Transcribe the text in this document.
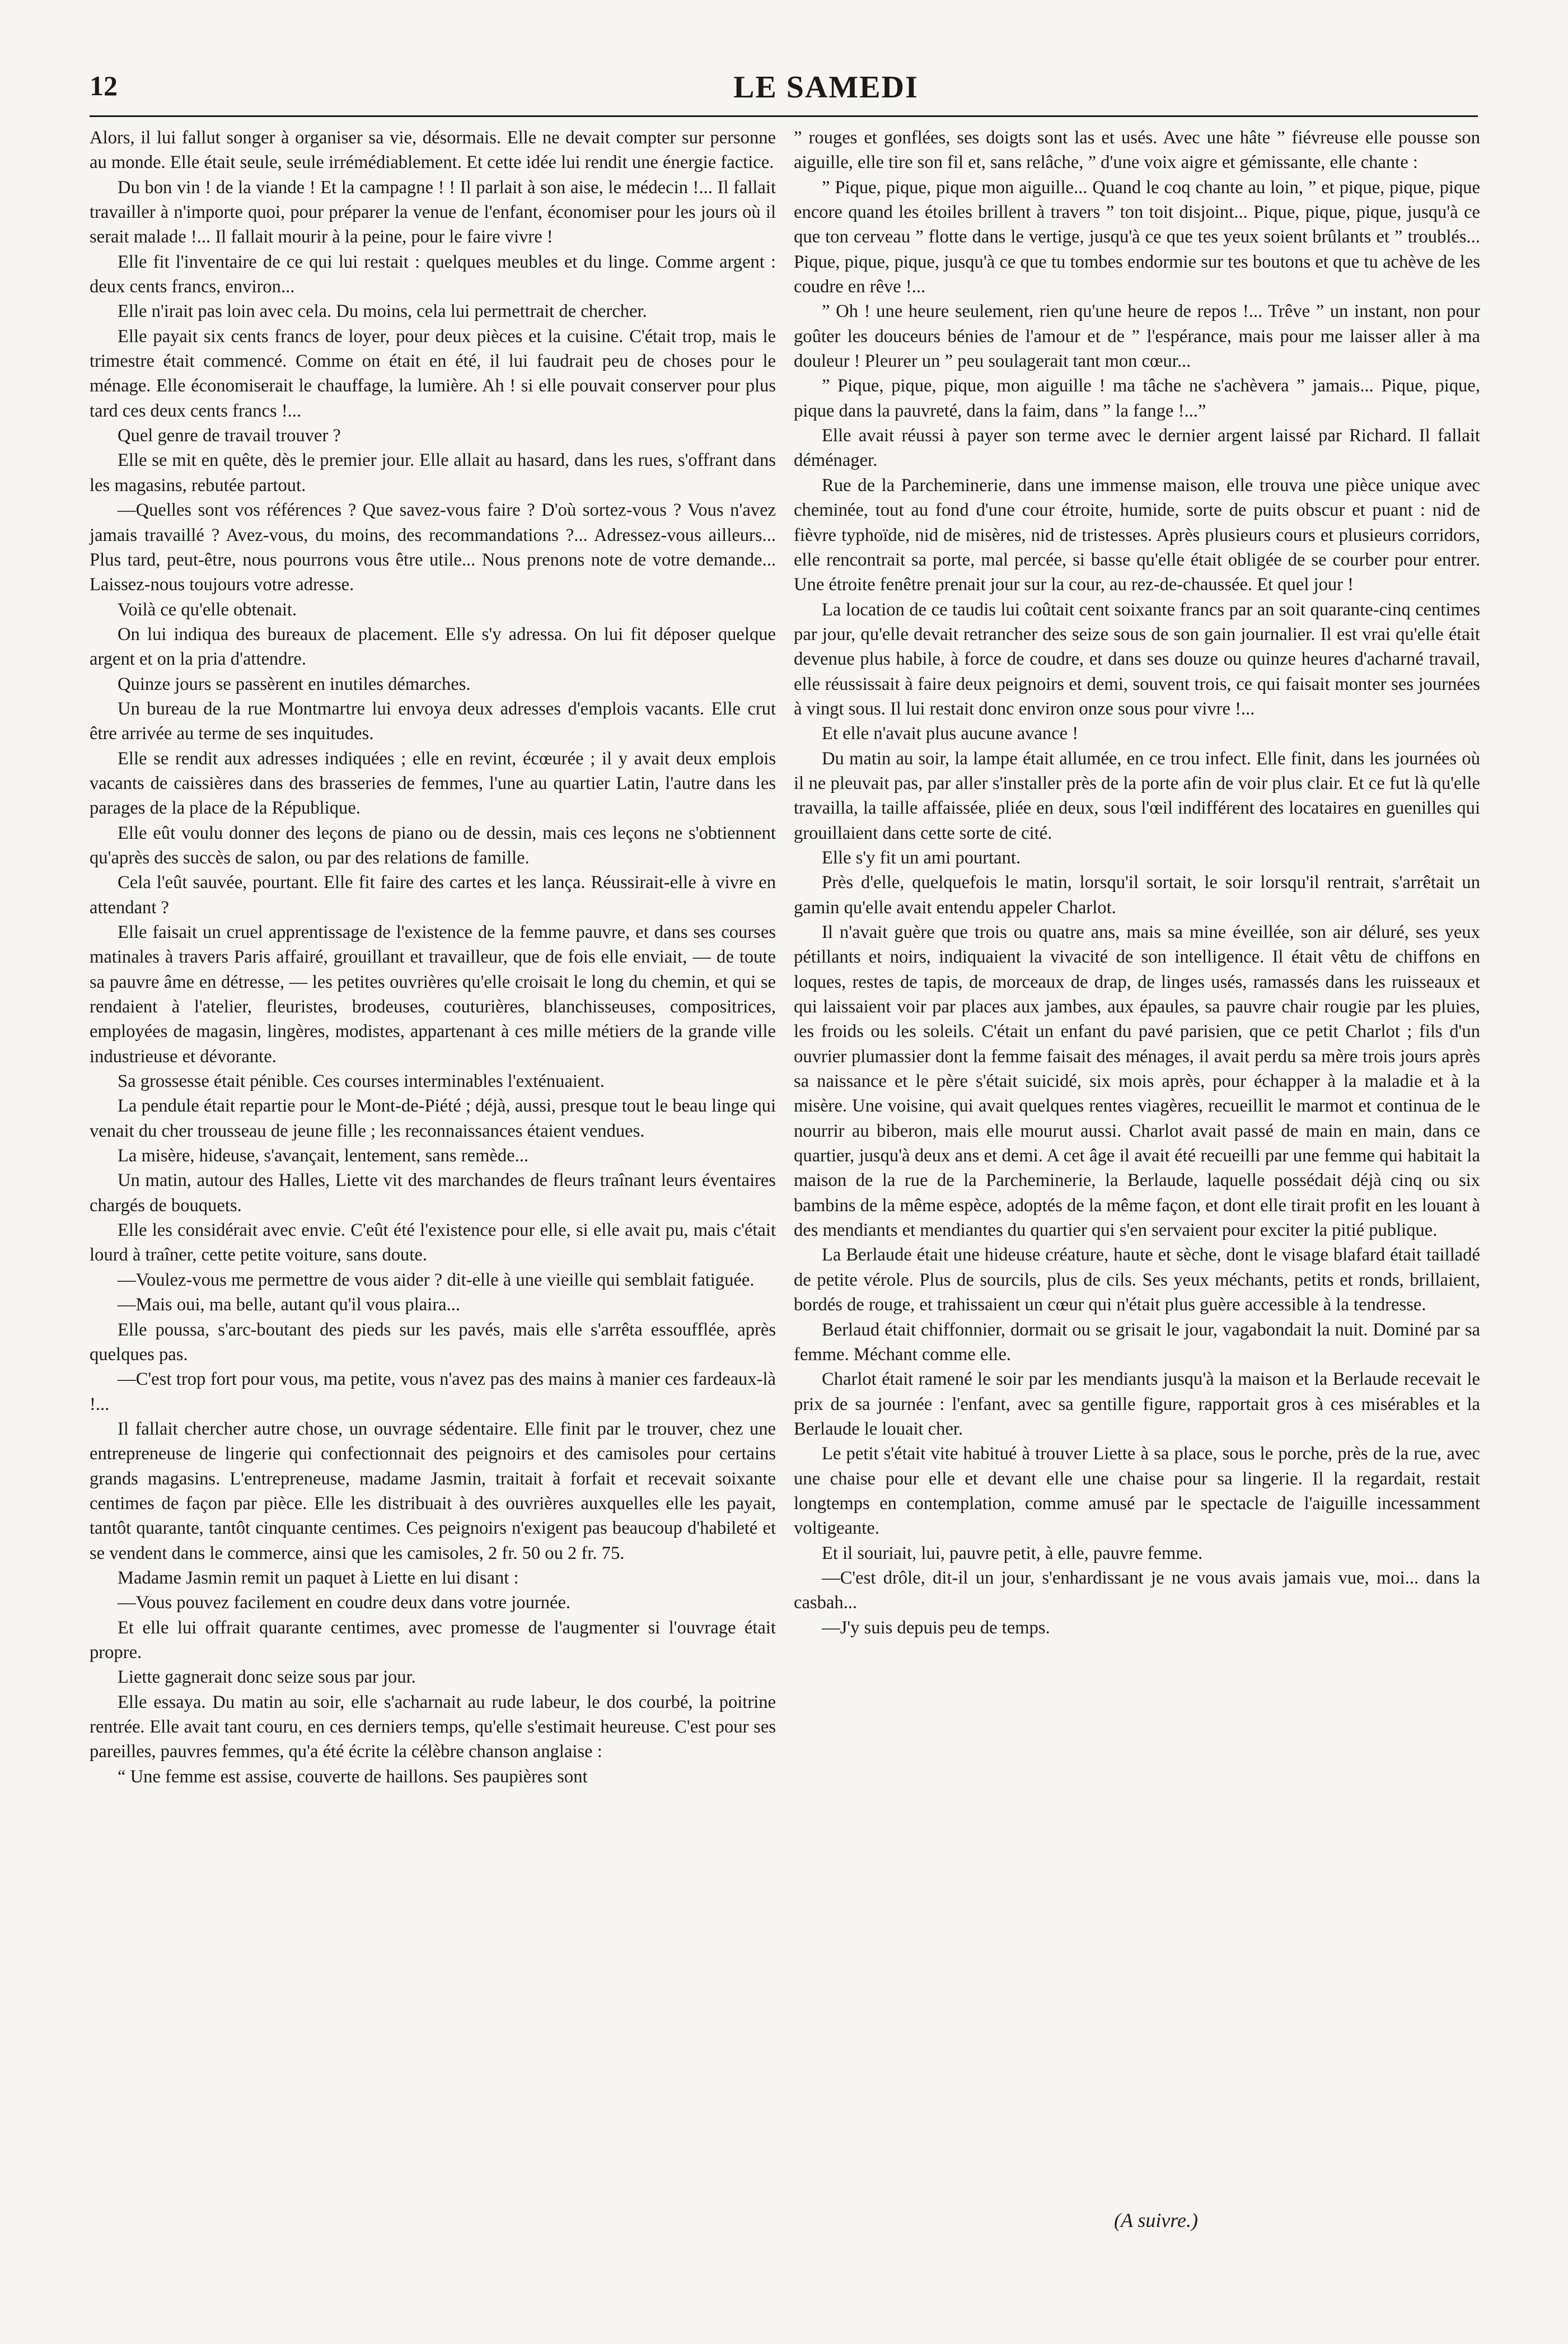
12	LE SAMEDI

Alors, il lui fallut songer à organiser sa vie, désormais. Elle ne devait compter sur personne au monde. Elle était seule, seule irrémédiablement. Et cette idée lui rendit une énergie factice.

Du bon vin ! de la viande ! Et la campagne ! ! Il parlait à son aise, le médecin !... Il fallait travailler à n'importe quoi, pour préparer la venue de l'enfant, économiser pour les jours où il serait malade !... Il fallait mourir à la peine, pour le faire vivre !

Elle fit l'inventaire de ce qui lui restait : quelques meubles et du linge. Comme argent : deux cents francs, environ...

Elle n'irait pas loin avec cela. Du moins, cela lui permettrait de chercher.

Elle payait six cents francs de loyer, pour deux pièces et la cuisine. C'était trop, mais le trimestre était commencé. Comme on était en été, il lui faudrait peu de choses pour le ménage. Elle économiserait le chauffage, la lumière. Ah ! si elle pouvait conserver pour plus tard ces deux cents francs !...

Quel genre de travail trouver ?

Elle se mit en quête, dès le premier jour. Elle allait au hasard, dans les rues, s'offrant dans les magasins, rebutée partout.

—Quelles sont vos références ? Que savez-vous faire ? D'où sortez-vous ? Vous n'avez jamais travaillé ? Avez-vous, du moins, des recommandations ?... Adressez-vous ailleurs... Plus tard, peut-être, nous pourrons vous être utile... Nous prenons note de votre demande... Laissez-nous toujours votre adresse.

Voilà ce qu'elle obtenait.

On lui indiqua des bureaux de placement. Elle s'y adressa. On lui fit déposer quelque argent et on la pria d'attendre.

Quinze jours se passèrent en inutiles démarches.

Un bureau de la rue Montmartre lui envoya deux adresses d'emplois vacants. Elle crut être arrivée au terme de ses inquitudes.

Elle se rendit aux adresses indiquées ; elle en revint, écœurée ; il y avait deux emplois vacants de caissières dans des brasseries de femmes, l'une au quartier Latin, l'autre dans les parages de la place de la République.

Elle eût voulu donner des leçons de piano ou de dessin, mais ces leçons ne s'obtiennent qu'après des succès de salon, ou par des relations de famille.

Cela l'eût sauvée, pourtant. Elle fit faire des cartes et les lança. Réussirait-elle à vivre en attendant ?

Elle faisait un cruel apprentissage de l'existence de la femme pauvre, et dans ses courses matinales à travers Paris affairé, grouillant et travailleur, que de fois elle enviait, — de toute sa pauvre âme en détresse, — les petites ouvrières qu'elle croisait le long du chemin, et qui se rendaient à l'atelier, fleuristes, brodeuses, couturières, blanchisseuses, compositrices, employées de magasin, lingères, modistes, appartenant à ces mille métiers de la grande ville industrieuse et dévorante.

Sa grossesse était pénible. Ces courses interminables l'exténuaient.

La pendule était repartie pour le Mont-de-Piété ; déjà, aussi, presque tout le beau linge qui venait du cher trousseau de jeune fille ; les reconnaissances étaient vendues.

La misère, hideuse, s'avançait, lentement, sans remède...

Un matin, autour des Halles, Liette vit des marchandes de fleurs traînant leurs éventaires chargés de bouquets.

Elle les considérait avec envie. C'eût été l'existence pour elle, si elle avait pu, mais c'était lourd à traîner, cette petite voiture, sans doute.

—Voulez-vous me permettre de vous aider ? dit-elle à une vieille qui semblait fatiguée.

—Mais oui, ma belle, autant qu'il vous plaira...

Elle poussa, s'arc-boutant des pieds sur les pavés, mais elle s'arrêta essoufflée, après quelques pas.

—C'est trop fort pour vous, ma petite, vous n'avez pas des mains à manier ces fardeaux-là !...

Il fallait chercher autre chose, un ouvrage sédentaire. Elle finit par le trouver, chez une entrepreneuse de lingerie qui confectionnait des peignoirs et des camisoles pour certains grands magasins. L'entrepreneuse, madame Jasmin, traitait à forfait et recevait soixante centimes de façon par pièce. Elle les distribuait à des ouvrières auxquelles elle les payait, tantôt quarante, tantôt cinquante centimes. Ces peignoirs n'exigent pas beaucoup d'habileté et se vendent dans le commerce, ainsi que les camisoles, 2 fr. 50 ou 2 fr. 75.

Madame Jasmin remit un paquet à Liette en lui disant :

—Vous pouvez facilement en coudre deux dans votre journée.

Et elle lui offrait quarante centimes, avec promesse de l'augmenter si l'ouvrage était propre.

Liette gagnerait donc seize sous par jour.

Elle essaya. Du matin au soir, elle s'acharnait au rude labeur, le dos courbé, la poitrine rentrée. Elle avait tant couru, en ces derniers temps, qu'elle s'estimait heureuse. C'est pour ses pareilles, pauvres femmes, qu'a été écrite la célèbre chanson anglaise :

“ Une femme est assise, couverte de haillons. Ses paupières sont

” rouges et gonflées, ses doigts sont las et usés. Avec une hâte ” fiévreuse elle pousse son aiguille, elle tire son fil et, sans relâche, ” d'une voix aigre et gémissante, elle chante :

” Pique, pique, pique mon aiguille... Quand le coq chante au loin, ” et pique, pique, pique encore quand les étoiles brillent à travers ” ton toit disjoint... Pique, pique, pique, jusqu'à ce que ton cerveau ” flotte dans le vertige, jusqu'à ce que tes yeux soient brûlants et ” troublés... Pique, pique, pique, jusqu'à ce que tu tombes endormie sur tes boutons et que tu achève de les coudre en rêve !...

” Oh ! une heure seulement, rien qu'une heure de repos !... Trêve ” un instant, non pour goûter les douceurs bénies de l'amour et de ” l'espérance, mais pour me laisser aller à ma douleur ! Pleurer un ” peu soulagerait tant mon cœur...

” Pique, pique, pique, mon aiguille ! ma tâche ne s'achèvera ” jamais... Pique, pique, pique dans la pauvreté, dans la faim, dans ” la fange !...”

Elle avait réussi à payer son terme avec le dernier argent laissé par Richard. Il fallait déménager.

Rue de la Parcheminerie, dans une immense maison, elle trouva une pièce unique avec cheminée, tout au fond d'une cour étroite, humide, sorte de puits obscur et puant : nid de fièvre typhoïde, nid de misères, nid de tristesses. Après plusieurs cours et plusieurs corridors, elle rencontrait sa porte, mal percée, si basse qu'elle était obligée de se courber pour entrer. Une étroite fenêtre prenait jour sur la cour, au rez-de-chaussée. Et quel jour !

La location de ce taudis lui coûtait cent soixante francs par an soit quarante-cinq centimes par jour, qu'elle devait retrancher des seize sous de son gain journalier. Il est vrai qu'elle était devenue plus habile, à force de coudre, et dans ses douze ou quinze heures d'acharné travail, elle réussissait à faire deux peignoirs et demi, souvent trois, ce qui faisait monter ses journées à vingt sous. Il lui restait donc environ onze sous pour vivre !...

Et elle n'avait plus aucune avance !

Du matin au soir, la lampe était allumée, en ce trou infect. Elle finit, dans les journées où il ne pleuvait pas, par aller s'installer près de la porte afin de voir plus clair. Et ce fut là qu'elle travailla, la taille affaissée, pliée en deux, sous l'œil indifférent des locataires en guenilles qui grouillaient dans cette sorte de cité.

Elle s'y fit un ami pourtant.

Près d'elle, quelquefois le matin, lorsqu'il sortait, le soir lorsqu'il rentrait, s'arrêtait un gamin qu'elle avait entendu appeler Charlot.

Il n'avait guère que trois ou quatre ans, mais sa mine éveillée, son air déluré, ses yeux pétillants et noirs, indiquaient la vivacité de son intelligence. Il était vêtu de chiffons en loques, restes de tapis, de morceaux de drap, de linges usés, ramassés dans les ruisseaux et qui laissaient voir par places aux jambes, aux épaules, sa pauvre chair rougie par les pluies, les froids ou les soleils. C'était un enfant du pavé parisien, que ce petit Charlot ; fils d'un ouvrier plumassier dont la femme faisait des ménages, il avait perdu sa mère trois jours après sa naissance et le père s'était suicidé, six mois après, pour échapper à la maladie et à la misère. Une voisine, qui avait quelques rentes viagères, recueillit le marmot et continua de le nourrir au biberon, mais elle mourut aussi. Charlot avait passé de main en main, dans ce quartier, jusqu'à deux ans et demi. A cet âge il avait été recueilli par une femme qui habitait la maison de la rue de la Parcheminerie, la Berlaude, laquelle possédait déjà cinq ou six bambins de la même espèce, adoptés de la même façon, et dont elle tirait profit en les louant à des mendiants et mendiantes du quartier qui s'en servaient pour exciter la pitié publique.

La Berlaude était une hideuse créature, haute et sèche, dont le visage blafard était tailladé de petite vérole. Plus de sourcils, plus de cils. Ses yeux méchants, petits et ronds, brillaient, bordés de rouge, et trahissaient un cœur qui n'était plus guère accessible à la tendresse.

Berlaud était chiffonnier, dormait ou se grisait le jour, vagabondait la nuit. Dominé par sa femme. Méchant comme elle.

Charlot était ramené le soir par les mendiants jusqu'à la maison et la Berlaude recevait le prix de sa journée : l'enfant, avec sa gentille figure, rapportait gros à ces misérables et la Berlaude le louait cher.

Le petit s'était vite habitué à trouver Liette à sa place, sous le porche, près de la rue, avec une chaise pour elle et devant elle une chaise pour sa lingerie. Il la regardait, restait longtemps en contemplation, comme amusé par le spectacle de l'aiguille incessamment voltigeante.

Et il souriait, lui, pauvre petit, à elle, pauvre femme.

—C'est drôle, dit-il un jour, s'enhardissant je ne vous avais jamais vue, moi... dans la casbah...

—J'y suis depuis peu de temps.

(A suivre.)
